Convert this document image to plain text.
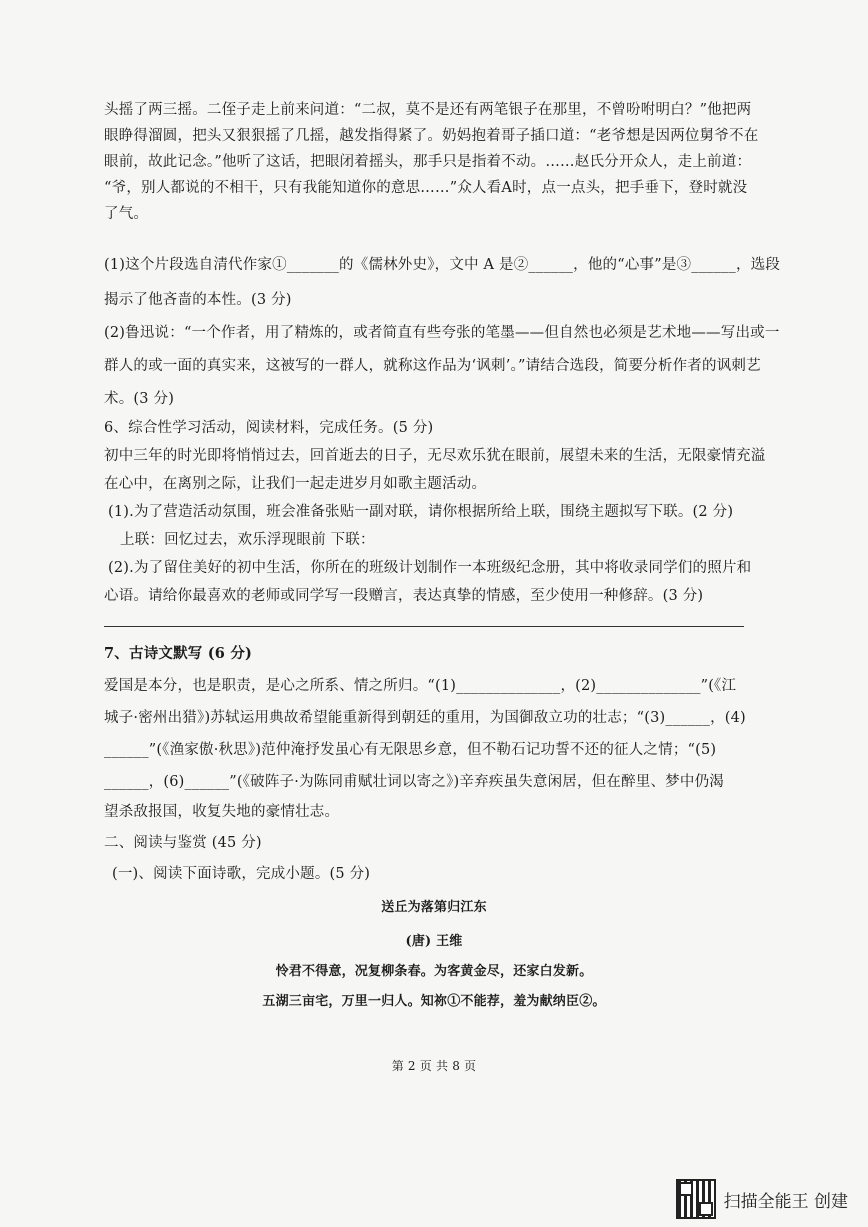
头摇了两三摇。二侄子走上前来问道：“二叔，莫不是还有两笔银子在那里，不曾吩咐明白？”他把两
眼睁得溜圆，把头又狠狠摇了几摇，越发指得紧了。奶妈抱着哥子插口道：“老爷想是因两位舅爷不在
眼前，故此记念。”他听了这话，把眼闭着摇头，那手只是指着不动。……赵氏分开众人，走上前道：
“爷，别人都说的不相干，只有我能知道你的意思……”众人看A时，点一点头，把手垂下，登时就没
了气。
(1)这个片段选自清代作家①_______的《儒林外史》，文中 A 是②______，他的“心事”是③______，选段
揭示了他吝啬的本性。(3 分)
(2)鲁迅说：“一个作者，用了精炼的，或者简直有些夸张的笔墨——但自然也必须是艺术地——写出或一
群人的或一面的真实来，这被写的一群人，就称这作品为‘讽刺’。”请结合选段，简要分析作者的讽刺艺
术。(3 分)
6、综合性学习活动，阅读材料，完成任务。(5 分)
初中三年的时光即将悄悄过去，回首逝去的日子，无尽欢乐犹在眼前，展望未来的生活，无限豪情充溢
在心中，在离别之际，让我们一起走进岁月如歌主题活动。
(1).为了营造活动氛围，班会准备张贴一副对联，请你根据所给上联，围绕主题拟写下联。(2 分)
上联：回忆过去，欢乐浮现眼前 下联：
(2).为了留住美好的初中生活，你所在的班级计划制作一本班级纪念册，其中将收录同学们的照片和
心语。请给你最喜欢的老师或同学写一段赠言，表达真挚的情感，至少使用一种修辞。(3 分)
7、古诗文默写 (6 分)
爱国是本分，也是职责，是心之所系、情之所归。“(1)______________，(2)______________”(《江
城子·密州出猎》)苏轼运用典故希望能重新得到朝廷的重用，为国御敌立功的壮志；“(3)______，(4)
______”(《渔家傲·秋思》)范仲淹抒发虽心有无限思乡意，但不勒石记功誓不还的征人之情；“(5)
______，(6)______”(《破阵子·为陈同甫赋壮词以寄之》)辛弃疾虽失意闲居，但在醉里、梦中仍渴
望杀敌报国，收复失地的豪情壮志。
二、阅读与鉴赏 (45 分)
(一)、阅读下面诗歌，完成小题。(5 分)
送丘为落第归江东
(唐) 王维
怜君不得意，况复柳条春。为客黄金尽，还家白发新。
五湖三亩宅，万里一归人。知祢①不能荐，羞为献纳臣②。
第 2 页 共 8 页
扫描全能王 创建
